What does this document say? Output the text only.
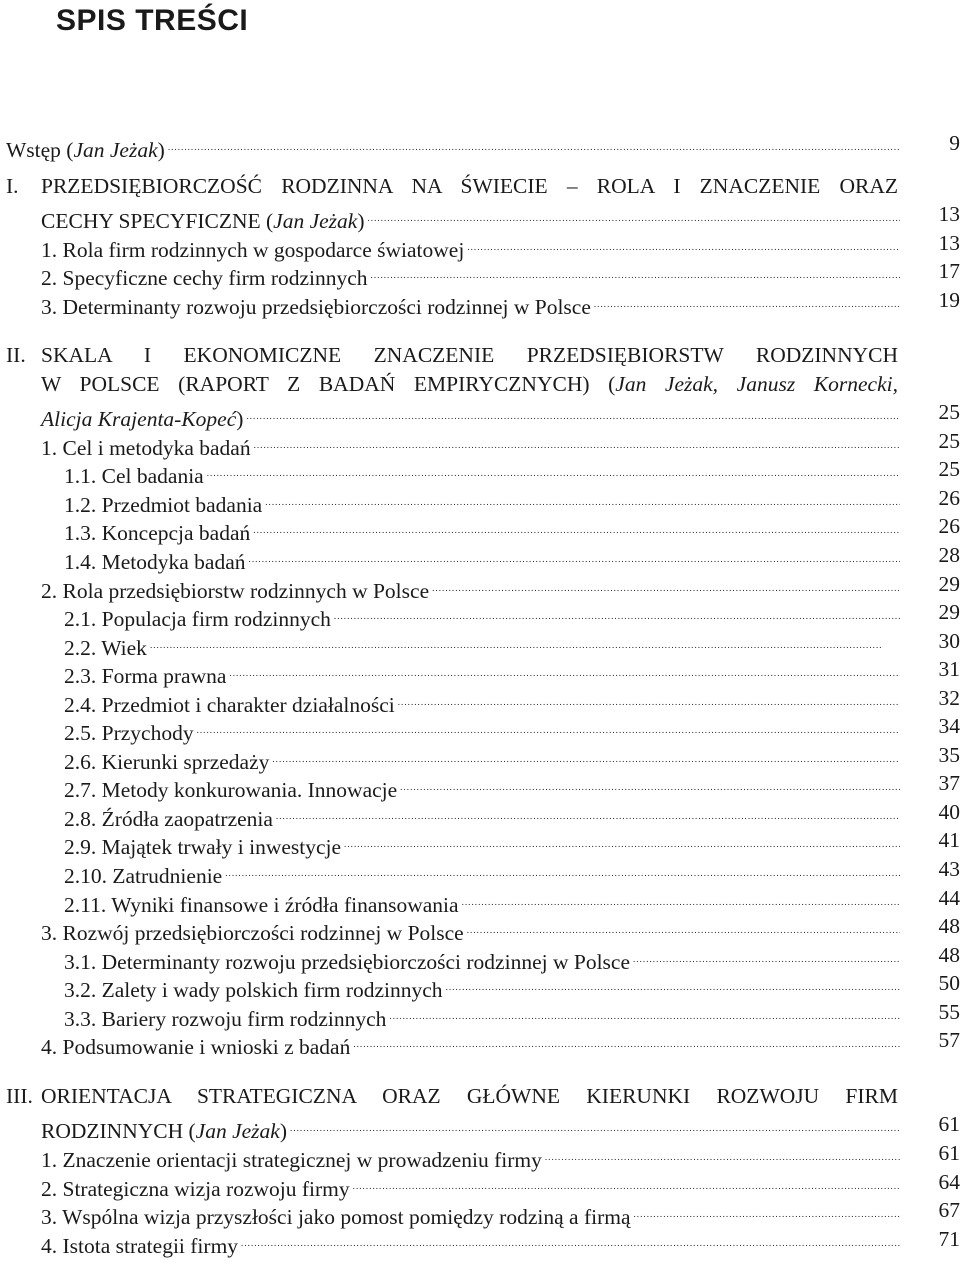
SPIS TREŚCI
Wstęp (Jan Jeżak) . . .	9
I. PRZEDSIĘBIORCZOŚĆ RODZINNA NA ŚWIECIE – ROLA I ZNACZENIE ORAZ
CECHY SPECYFICZNE (Jan Jeżak) . . .	13
1. Rola firm rodzinnych w gospodarce światowej . . .	13
2. Specyficzne cechy firm rodzinnych . . .	17
3. Determinanty rozwoju przedsiębiorczości rodzinnej w Polsce . . .	19
II. SKALA I EKONOMICZNE ZNACZENIE PRZEDSIĘBIORSTW RODZINNYCH
W POLSCE (RAPORT Z BADAŃ EMPIRYCZNYCH) (Jan Jeżak, Janusz Kornecki,
Alicja Krajenta-Kopeć) . . .	25
1. Cel i metodyka badań . . .	25
1.1. Cel badania . . .	25
1.2. Przedmiot badania . . .	26
1.3. Koncepcja badań . . .	26
1.4. Metodyka badań . . .	28
2. Rola przedsiębiorstw rodzinnych w Polsce . . .	29
2.1. Populacja firm rodzinnych . . .	29
2.2. Wiek . . .	30
2.3. Forma prawna . . .	31
2.4. Przedmiot i charakter działalności . . .	32
2.5. Przychody . . .	34
2.6. Kierunki sprzedaży . . .	35
2.7. Metody konkurowania. Innowacje . . .	37
2.8. Źródła zaopatrzenia . . .	40
2.9. Majątek trwały i inwestycje . . .	41
2.10. Zatrudnienie . . .	43
2.11. Wyniki finansowe i źródła finansowania . . .	44
3. Rozwój przedsiębiorczości rodzinnej w Polsce . . .	48
3.1. Determinanty rozwoju przedsiębiorczości rodzinnej w Polsce . . .	48
3.2. Zalety i wady polskich firm rodzinnych . . .	50
3.3. Bariery rozwoju firm rodzinnych . . .	55
4. Podsumowanie i wnioski z badań . . .	57
III. ORIENTACJA STRATEGICZNA ORAZ GŁÓWNE KIERUNKI ROZWOJU FIRM
RODZINNYCH (Jan Jeżak) . . .	61
1. Znaczenie orientacji strategicznej w prowadzeniu firmy . . .	61
2. Strategiczna wizja rozwoju firmy . . .	64
3. Wspólna wizja przyszłości jako pomost pomiędzy rodziną a firmą . . .	67
4. Istota strategii firmy . . .	71
